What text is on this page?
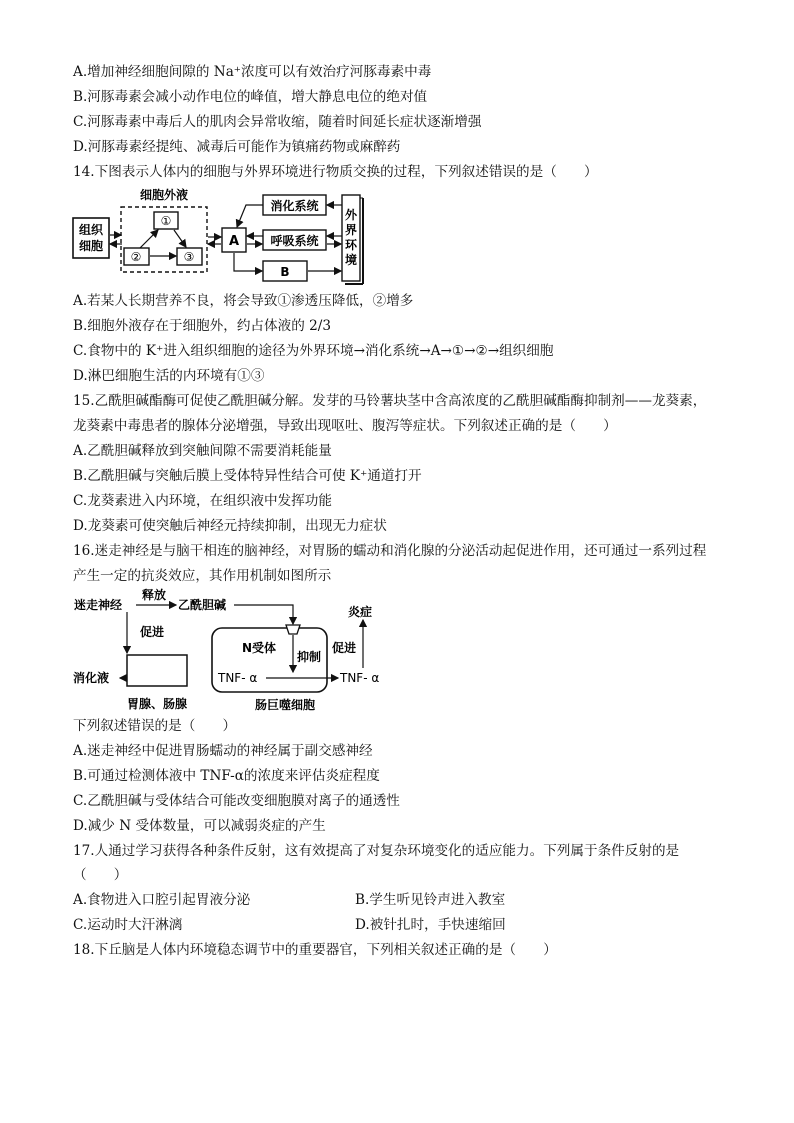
A.增加神经细胞间隙的 Na⁺浓度可以有效治疗河豚毒素中毒
B.河豚毒素会减小动作电位的峰值，增大静息电位的绝对值
C.河豚毒素中毒后人的肌肉会异常收缩，随着时间延长症状逐渐增强
D.河豚毒素经提纯、减毒后可能作为镇痛药物或麻醉药
14.下图表示人体内的细胞与外界环境进行物质交换的过程，下列叙述错误的是（　　）
组织
细胞
细胞外液
①
②	③
A
消化系统
呼吸系统
B
外
界
环
境
A.若某人长期营养不良，将会导致①渗透压降低，②增多
B.细胞外液存在于细胞外，约占体液的 2/3
C.食物中的 K⁺进入组织细胞的途径为外界环境→消化系统→A→①→②→组织细胞
D.淋巴细胞生活的内环境有①③
15.乙酰胆碱酯酶可促使乙酰胆碱分解。发芽的马铃薯块茎中含高浓度的乙酰胆碱酯酶抑制剂——龙葵素，
龙葵素中毒患者的腺体分泌增强，导致出现呕吐、腹泻等症状。下列叙述正确的是（　　）
A.乙酰胆碱释放到突触间隙不需要消耗能量
B.乙酰胆碱与突触后膜上受体特异性结合可使 K⁺通道打开
C.龙葵素进入内环境，在组织液中发挥功能
D.龙葵素可使突触后神经元持续抑制，出现无力症状
16.迷走神经是与脑干相连的脑神经，对胃肠的蠕动和消化腺的分泌活动起促进作用，还可通过一系列过程
产生一定的抗炎效应，其作用机制如图所示
迷走神经
释放
乙酰胆碱
促进
消化液
胃腺、肠腺
N受体
抑制
TNF- α	TNF- α
炎症
促进
肠巨噬细胞
下列叙述错误的是（　　）
A.迷走神经中促进胃肠蠕动的神经属于副交感神经
B.可通过检测体液中 TNF-α的浓度来评估炎症程度
C.乙酰胆碱与受体结合可能改变细胞膜对离子的通透性
D.减少 N 受体数量，可以减弱炎症的产生
17.人通过学习获得各种条件反射，这有效提高了对复杂环境变化的适应能力。下列属于条件反射的是
（　　）
A.食物进入口腔引起胃液分泌	B.学生听见铃声进入教室
C.运动时大汗淋漓	D.被针扎时，手快速缩回
18.下丘脑是人体内环境稳态调节中的重要器官，下列相关叙述正确的是（　　）
